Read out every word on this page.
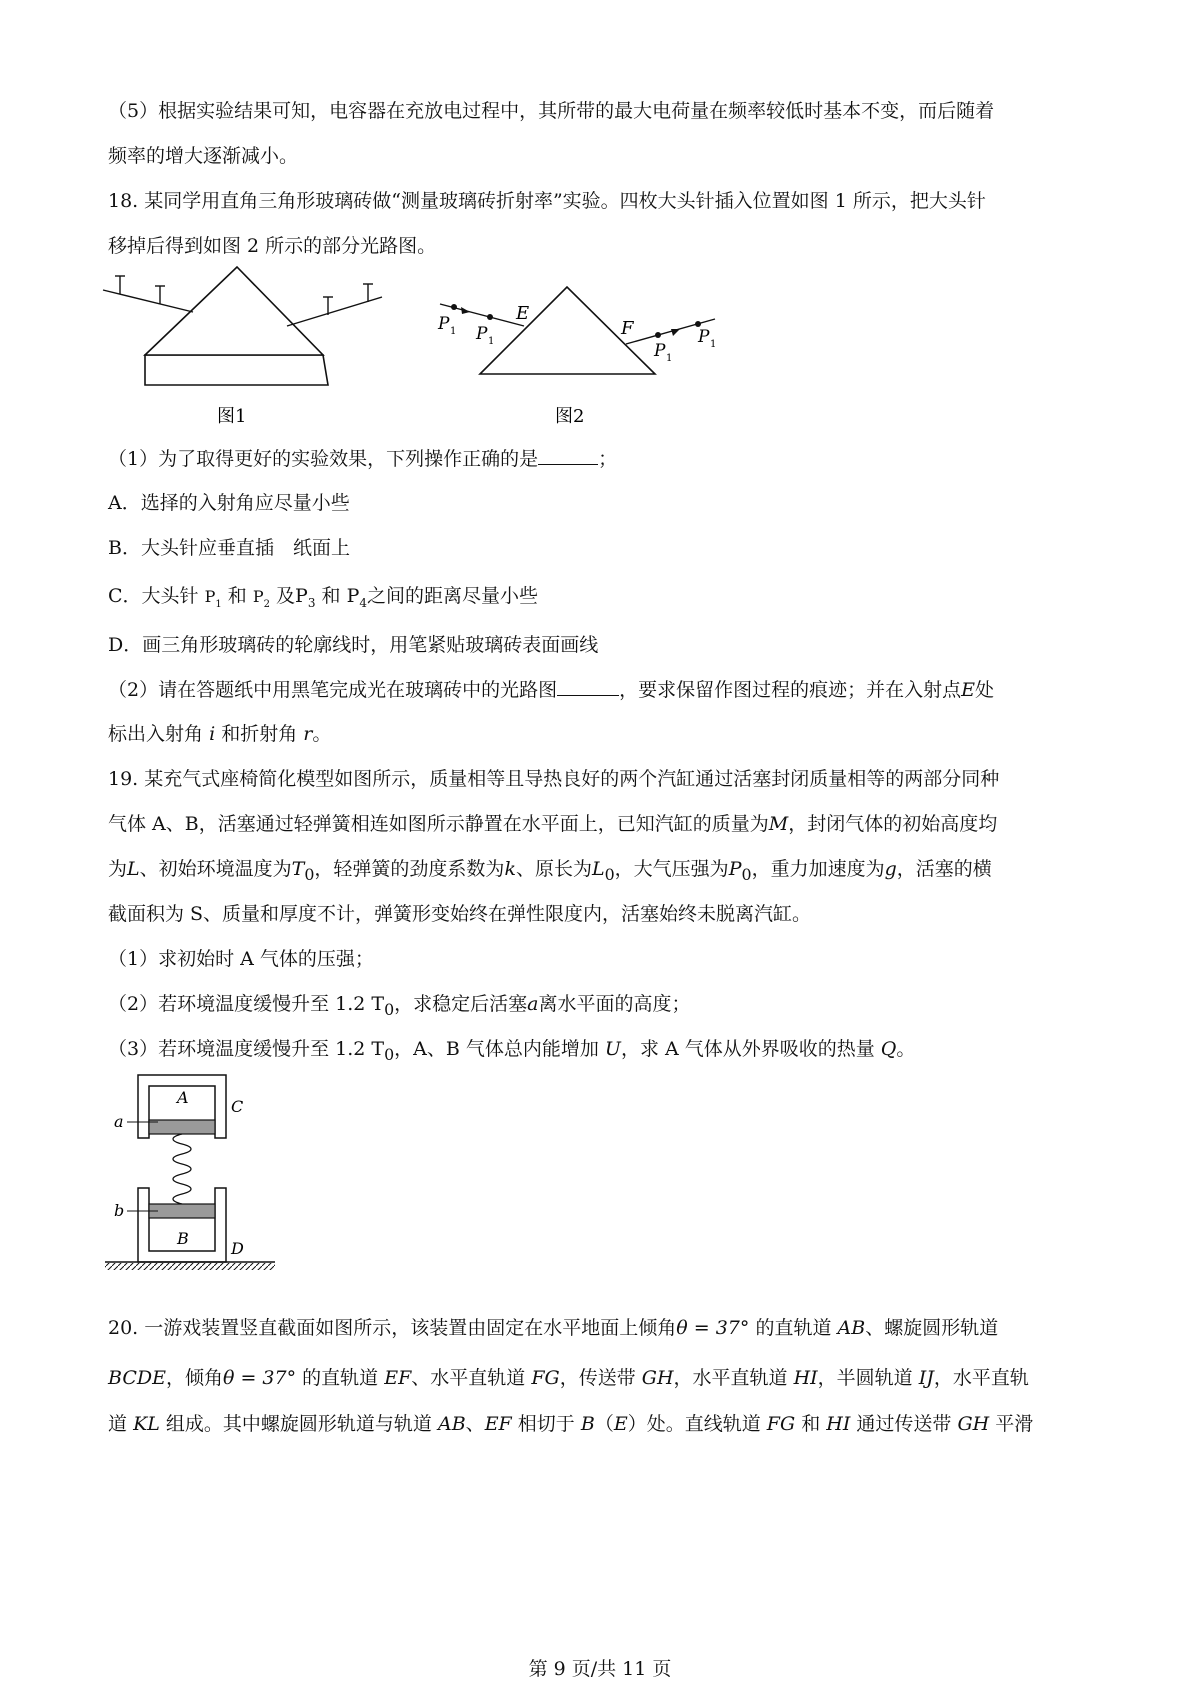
（5）根据实验结果可知，电容器在充放电过程中，其所带的最大电荷量在频率较低时基本不变，而后随着
频率的增大逐渐减小。
18. 某同学用直角三角形玻璃砖做“测量玻璃砖折射率”实验。四枚大头针插入位置如图 1 所示，把大头针
移掉后得到如图 2 所示的部分光路图。
图1
E
F
P 1 P 1	P 1
P 1
图2
（1）为了取得更好的实验效果，下列操作正确的是	；
A．选择的入射角应尽量小些
B．大头针应垂直插　纸面上
C．大头针 $P_1$ 和 $P_2$ 及$P_3$ 和 $P_4$之间的距离尽量小些
D．画三角形玻璃砖的轮廓线时，用笔紧贴玻璃砖表面画线
（2）请在答题纸中用黑笔完成光在玻璃砖中的光路图	，要求保留作图过程的痕迹；并在入射点E处
标出入射角 i 和折射角 r。
19. 某充气式座椅简化模型如图所示，质量相等且导热良好的两个汽缸通过活塞封闭质量相等的两部分同种
气体 A、B，活塞通过轻弹簧相连如图所示静置在水平面上，已知汽缸的质量为M，封闭气体的初始高度均
为L、初始环境温度为$T_0$，轻弹簧的劲度系数为k、原长为$L_0$，大气压强为$P_0$，重力加速度为g，活塞的横
截面积为 S、质量和厚度不计，弹簧形变始终在弹性限度内，活塞始终未脱离汽缸。
（1）求初始时 A 气体的压强；
（2）若环境温度缓慢升至 1.2 $T_0$，求稳定后活塞a离水平面的高度；
（3）若环境温度缓慢升至 1.2 $T_0$，A、B 气体总内能增加 U，求 A 气体从外界吸收的热量 Q。
A
B
C
D
a
b
20. 一游戏装置竖直截面如图所示，该装置由固定在水平地面上倾角θ = 37° 的直轨道 AB、螺旋圆形轨道
BCDE，倾角θ = 37° 的直轨道 EF、水平直轨道 FG，传送带 GH，水平直轨道 HI，半圆轨道 IJ，水平直轨
道 KL 组成。其中螺旋圆形轨道与轨道 AB、EF 相切于 B（E）处。直线轨道 FG 和 HI 通过传送带 GH 平滑
第 9 页/共 11 页
